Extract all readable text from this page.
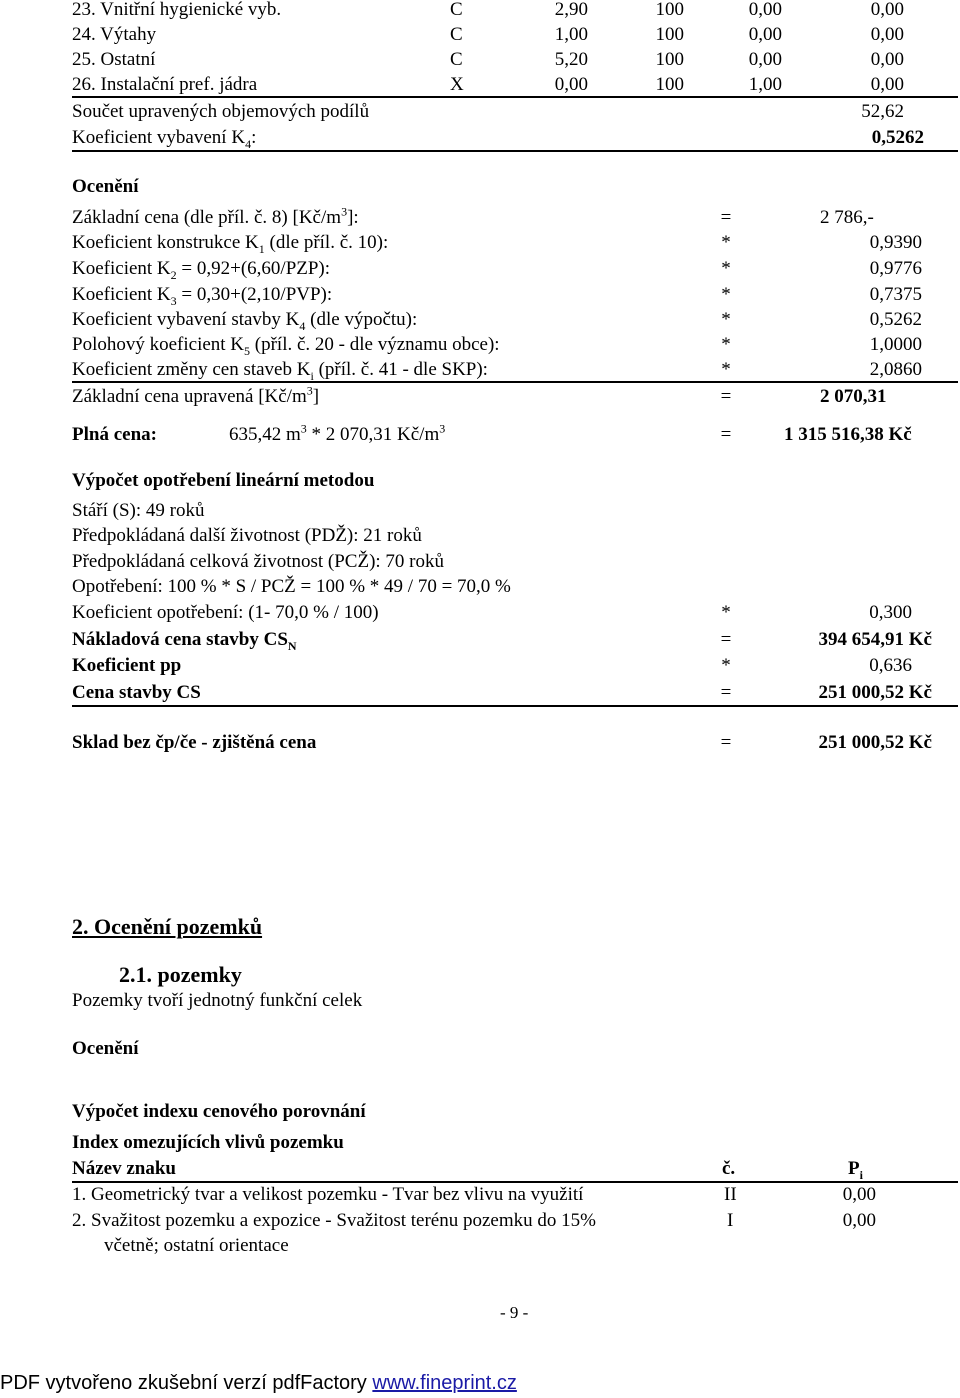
23. Vnitřní hygienické vyb.	C	2,90	100	0,00	0,00
24. Výtahy	C	1,00	100	0,00	0,00
25. Ostatní	C	5,20	100	0,00	0,00
26. Instalační pref. jádra	X	0,00	100	1,00	0,00
Součet upravených objemových podílů	52,62
Koeficient vybavení $K_4$:	0,5262
Ocenění
Základní cena (dle příl. č. 8) $[Kč/m^3]$:	=	2 786,-
Koeficient konstrukce $K_1$ (dle příl. č. 10):	*	0,9390
Koeficient $K_2 = 0,92+(6,60/PZP)$:	*	0,9776
Koeficient $K_3 = 0,30+(2,10/PVP)$:	*	0,7375
Koeficient vybavení stavby $K_4$ (dle výpočtu):	*	0,5262
Polohový koeficient $K_5$ (příl. č. 20 - dle významu obce):	*	1,0000
Koeficient změny cen staveb $K_i$ (příl. č. 41 - dle SKP):	*	2,0860
Základní cena upravená $[Kč/m^3]$	=	2 070,31
Plná cena:	635,42 $m^3 * 2$ 070,31 $Kč/m^3$	=	1 315 516,38 Kč
Výpočet opotřebení lineární metodou
Stáří (S): 49 roků
Předpokládaná další životnost (PDŽ): 21 roků
Předpokládaná celková životnost (PCŽ): 70 roků
Opotřebení: 100 % * S / PCŽ = 100 % * 49 / 70 = 70,0 %
Koeficient opotřebení: (1- 70,0 % / 100)	*	0,300
Nákladová cena stavby $CS_N$	=	394 654,91 Kč
Koeficient pp	*	0,636
Cena stavby CS	=	251 000,52 Kč
Sklad bez čp/če - zjištěná cena	=	251 000,52 Kč
2. Ocenění pozemků
2.1. pozemky
Pozemky tvoří jednotný funkční celek
Ocenění
Výpočet indexu cenového porovnání
Index omezujících vlivů pozemku
Název znaku	č.	$P_i$
1. Geometrický tvar a velikost pozemku - Tvar bez vlivu na využití	II	0,00
2. Svažitost pozemku a expozice - Svažitost terénu pozemku do 15%	I	0,00
včetně; ostatní orientace
- 9 -
PDF vytvořeno zkušební verzí pdfFactory www.fineprint.cz
